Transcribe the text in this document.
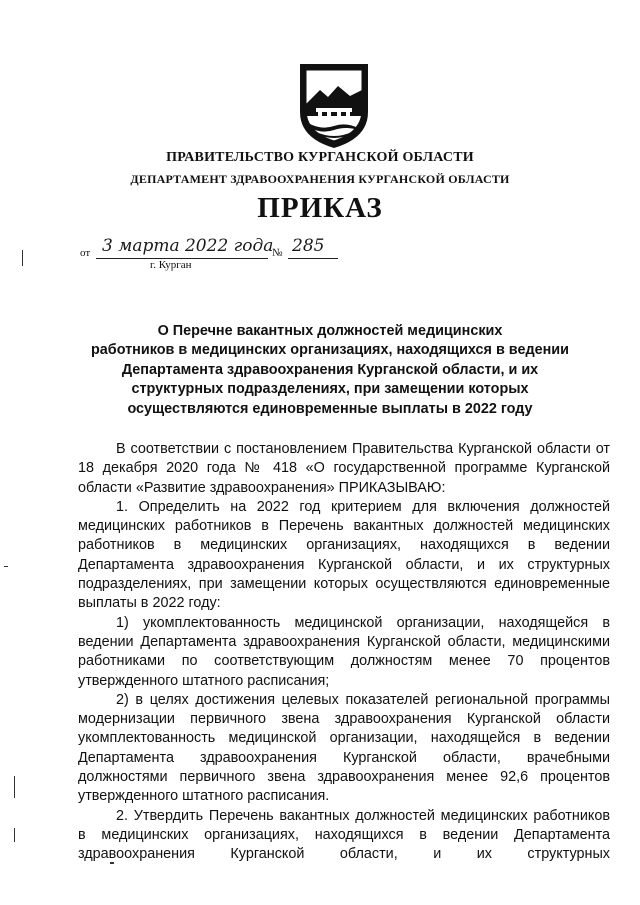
ПРАВИТЕЛЬСТВО КУРГАНСКОЙ ОБЛАСТИ
ДЕПАРТАМЕНТ ЗДРАВООХРАНЕНИЯ КУРГАНСКОЙ ОБЛАСТИ
ПРИКАЗ
от 3 марта 2022 года
№ 285
г. Курган
О Перечне вакантных должностей медицинских
работников в медицинских организациях, находящихся в ведении
Департамента здравоохранения Курганской области, и их
структурных подразделениях, при замещении которых
осуществляются единовременные выплаты в 2022 году

В соответствии с постановлением Правительства Курганской области от 18 декабря 2020 года № 418 «О государственной программе Курганской области «Развитие здравоохранения» ПРИКАЗЫВАЮ:

1. Определить на 2022 год критерием для включения должностей медицинских работников в Перечень вакантных должностей медицинских работников в медицинских организациях, находящихся в ведении Департамента здравоохранения Курганской области, и их структурных подразделениях, при замещении которых осуществляются единовременные выплаты в 2022 году:

1) укомплектованность медицинской организации, находящейся в ведении Департамента здравоохранения Курганской области, медицинскими работниками по соответствующим должностям менее 70 процентов утвержденного штатного расписания;

2) в целях достижения целевых показателей региональной программы модернизации первичного звена здравоохранения Курганской области укомплектованность медицинской организации, находящейся в ведении Департамента здравоохранения Курганской области, врачебными должностями первичного звена здравоохранения менее 92,6 процентов утвержденного штатного расписания.

2. Утвердить Перечень вакантных должностей медицинских работников в медицинских организациях, находящихся в ведении Департамента здравоохранения Курганской области, и их структурных
